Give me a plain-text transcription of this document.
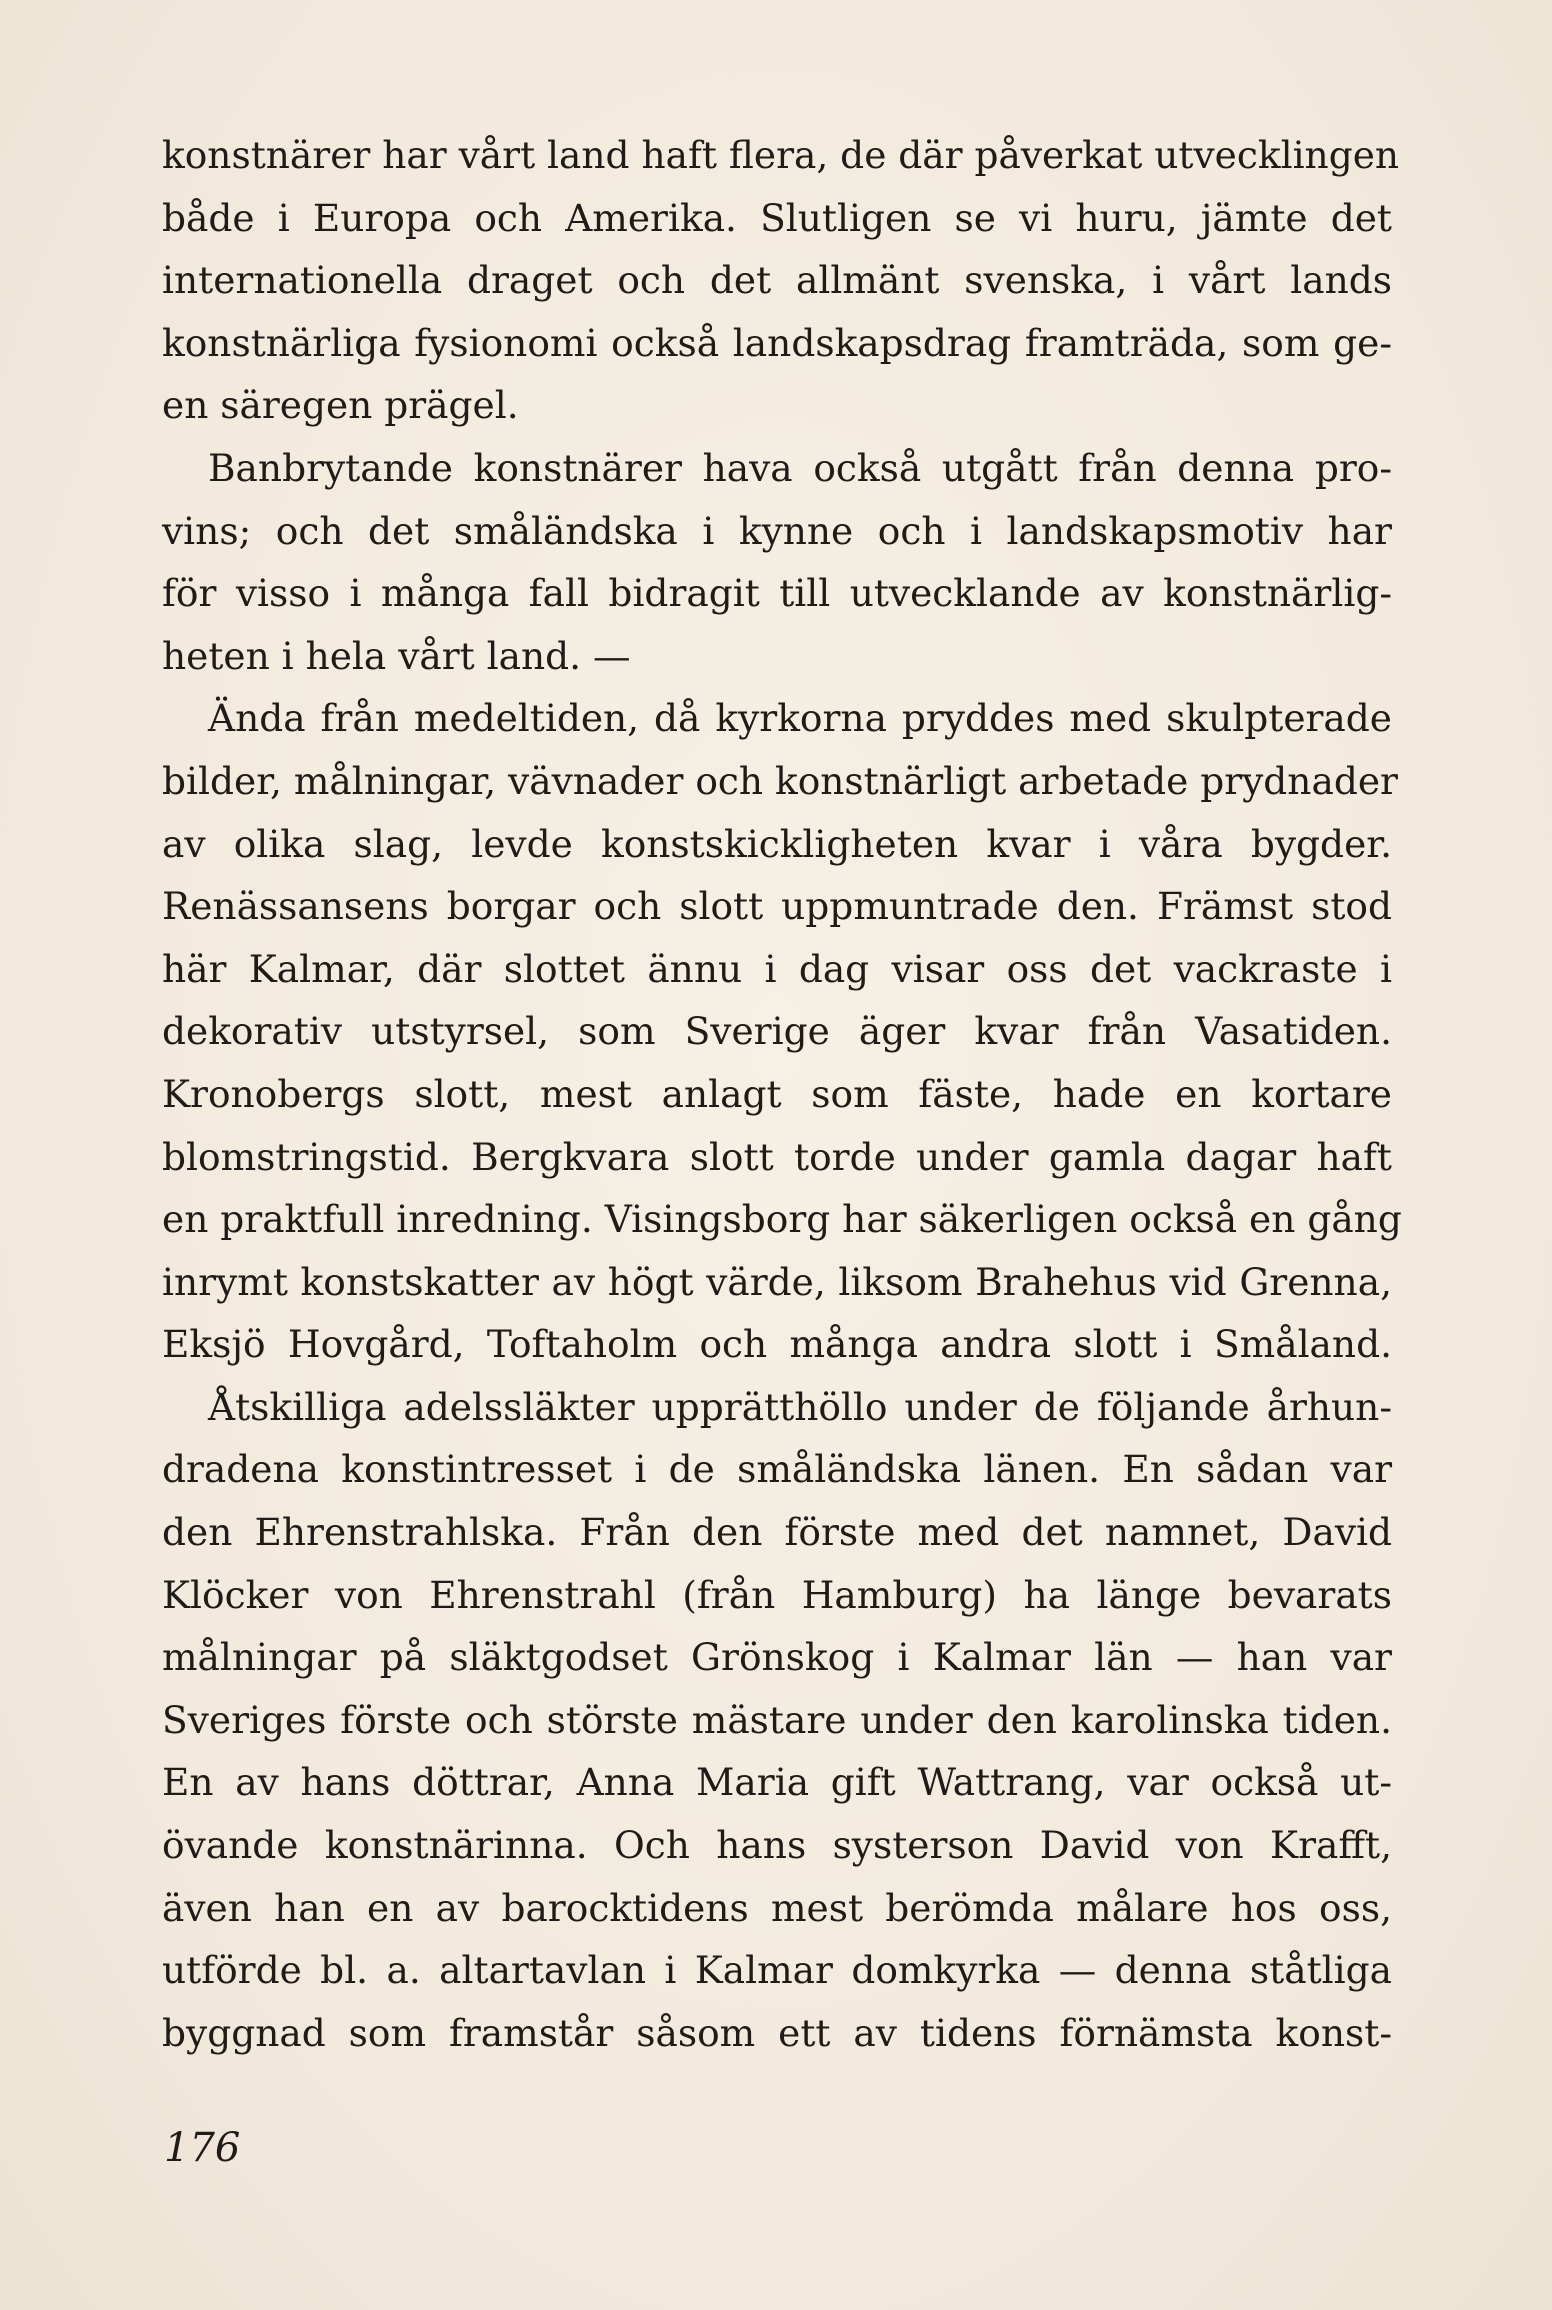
konstnärer har vårt land haft flera, de där påverkat utvecklingen
både i Europa och Amerika. Slutligen se vi huru, jämte det
internationella draget och det allmänt svenska, i vårt lands
konstnärliga fysionomi också landskapsdrag framträda, som ge-
en säregen prägel.
Banbrytande konstnärer hava också utgått från denna pro-
vins; och det småländska i kynne och i landskapsmotiv har
för visso i många fall bidragit till utvecklande av konstnärlig-
heten i hela vårt land. —
Ända från medeltiden, då kyrkorna pryddes med skulpterade
bilder, målningar, vävnader och konstnärligt arbetade prydnader
av olika slag, levde konstskickligheten kvar i våra bygder.
Renässansens borgar och slott uppmuntrade den. Främst stod
här Kalmar, där slottet ännu i dag visar oss det vackraste i
dekorativ utstyrsel, som Sverige äger kvar från Vasatiden.
Kronobergs slott, mest anlagt som fäste, hade en kortare
blomstringstid. Bergkvara slott torde under gamla dagar haft
en praktfull inredning. Visingsborg har säkerligen också en gång
inrymt konstskatter av högt värde, liksom Brahehus vid Grenna,
Eksjö Hovgård, Toftaholm och många andra slott i Småland.
Åtskilliga adelssläkter upprätthöllo under de följande århun-
dradena konstintresset i de småländska länen. En sådan var
den Ehrenstrahlska. Från den förste med det namnet, David
Klöcker von Ehrenstrahl (från Hamburg) ha länge bevarats
målningar på släktgodset Grönskog i Kalmar län — han var
Sveriges förste och störste mästare under den karolinska tiden.
En av hans döttrar, Anna Maria gift Wattrang, var också ut-
övande konstnärinna. Och hans systerson David von Krafft,
även han en av barocktidens mest berömda målare hos oss,
utförde bl. a. altartavlan i Kalmar domkyrka — denna ståtliga
byggnad som framstår såsom ett av tidens förnämsta konst-
176
